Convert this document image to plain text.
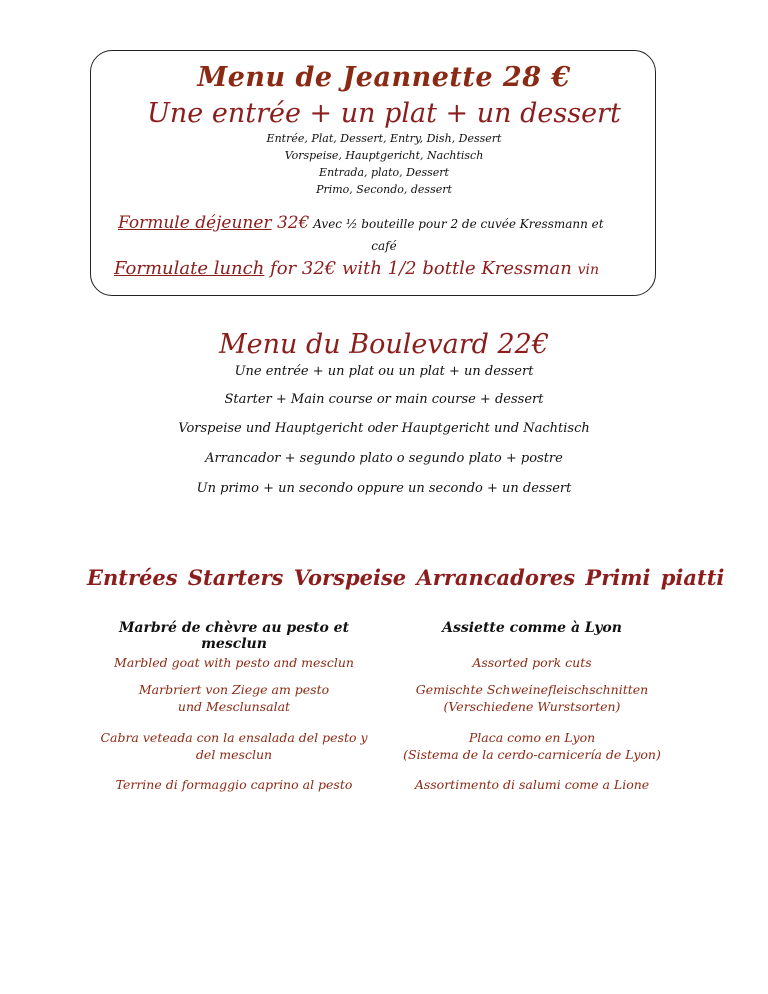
Menu de Jeannette 28 €
Une entrée + un plat + un dessert
Entrée, Plat, Dessert, Entry, Dish, Dessert
Vorspeise, Hauptgericht, Nachtisch
Entrada, plato, Dessert
Primo, Secondo, dessert
Formule déjeuner 32€ Avec ½ bouteille pour 2 de cuvée Kressmann et
café
Formulate lunch for 32€ with 1/2 bottle Kressman vin
Menu du Boulevard 22€
Une entrée + un plat ou un plat + un dessert
Starter + Main course or main course + dessert
Vorspeise und Hauptgericht oder Hauptgericht und Nachtisch
Arrancador + segundo plato o segundo plato + postre
Un primo + un secondo oppure un secondo + un dessert
Entrées Starters Vorspeise Arrancadores Primi piatti
Marbré de chèvre au pesto et mesclun
Marbled goat with pesto and mesclun
Marbriert von Ziege am pesto
und Mesclunsalat
Cabra veteada con la ensalada del pesto y
del mesclun
Terrine di formaggio caprino al pesto
Assiette comme à Lyon
Assorted pork cuts
Gemischte Schweinefleischschnitten
(Verschiedene Wurstsorten)
Placa como en Lyon
(Sistema de la cerdo-carnicería de Lyon)
Assortimento di salumi come a Lione
